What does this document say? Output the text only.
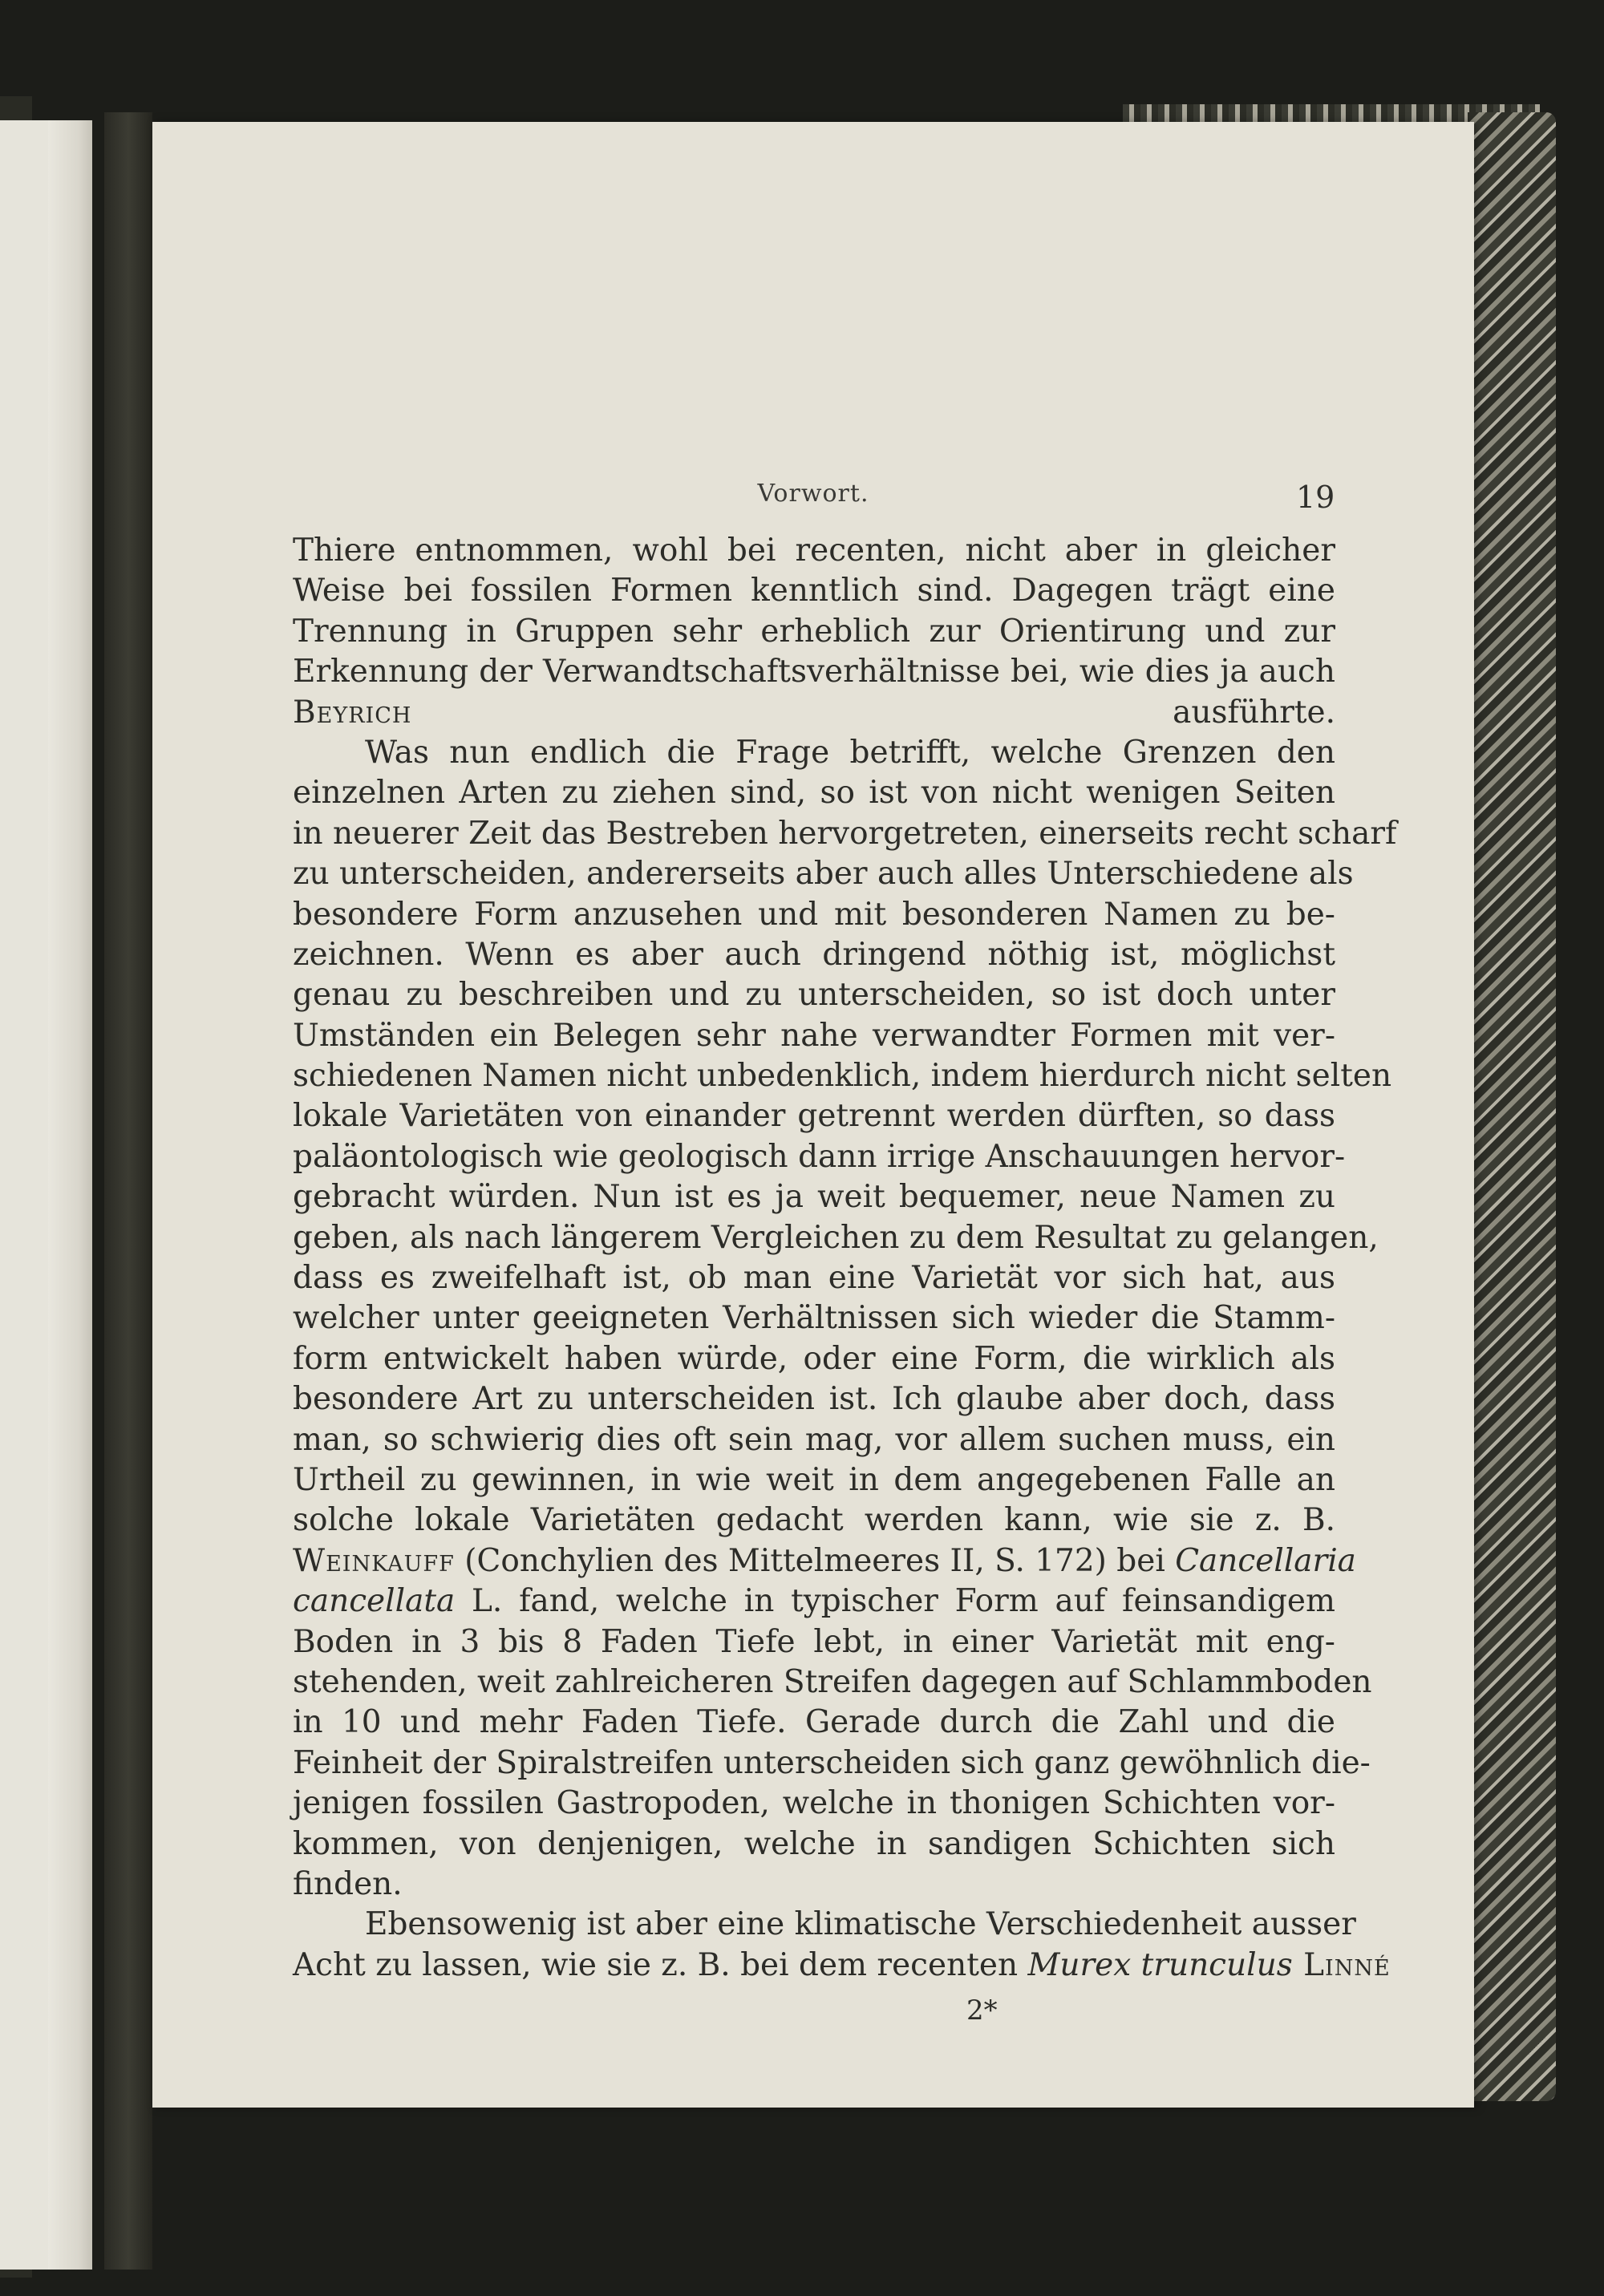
Vorwort.	19
Thiere entnommen, wohl bei recenten, nicht aber in gleicher
Weise bei fossilen Formen kenntlich sind. Dagegen trägt eine
Trennung in Gruppen sehr erheblich zur Orientirung und zur
Erkennung der Verwandtschaftsverhältnisse bei, wie dies ja auch
Beyrich ausführte.
Was nun endlich die Frage betrifft, welche Grenzen den
einzelnen Arten zu ziehen sind, so ist von nicht wenigen Seiten
in neuerer Zeit das Bestreben hervorgetreten, einerseits recht scharf
zu unterscheiden, andererseits aber auch alles Unterschiedene als
besondere Form anzusehen und mit besonderen Namen zu be-
zeichnen. Wenn es aber auch dringend nöthig ist, möglichst
genau zu beschreiben und zu unterscheiden, so ist doch unter
Umständen ein Belegen sehr nahe verwandter Formen mit ver-
schiedenen Namen nicht unbedenklich, indem hierdurch nicht selten
lokale Varietäten von einander getrennt werden dürften, so dass
paläontologisch wie geologisch dann irrige Anschauungen hervor-
gebracht würden. Nun ist es ja weit bequemer, neue Namen zu
geben, als nach längerem Vergleichen zu dem Resultat zu gelangen,
dass es zweifelhaft ist, ob man eine Varietät vor sich hat, aus
welcher unter geeigneten Verhältnissen sich wieder die Stamm-
form entwickelt haben würde, oder eine Form, die wirklich als
besondere Art zu unterscheiden ist. Ich glaube aber doch, dass
man, so schwierig dies oft sein mag, vor allem suchen muss, ein
Urtheil zu gewinnen, in wie weit in dem angegebenen Falle an
solche lokale Varietäten gedacht werden kann, wie sie z. B.
Weinkauff (Conchylien des Mittelmeeres II, S. 172) bei Cancellaria
cancellata L. fand, welche in typischer Form auf feinsandigem
Boden in 3 bis 8 Faden Tiefe lebt, in einer Varietät mit eng-
stehenden, weit zahlreicheren Streifen dagegen auf Schlammboden
in 10 und mehr Faden Tiefe. Gerade durch die Zahl und die
Feinheit der Spiralstreifen unterscheiden sich ganz gewöhnlich die-
jenigen fossilen Gastropoden, welche in thonigen Schichten vor-
kommen, von denjenigen, welche in sandigen Schichten sich
finden.
Ebensowenig ist aber eine klimatische Verschiedenheit ausser
Acht zu lassen, wie sie z. B. bei dem recenten Murex trunculus Linné
2*
